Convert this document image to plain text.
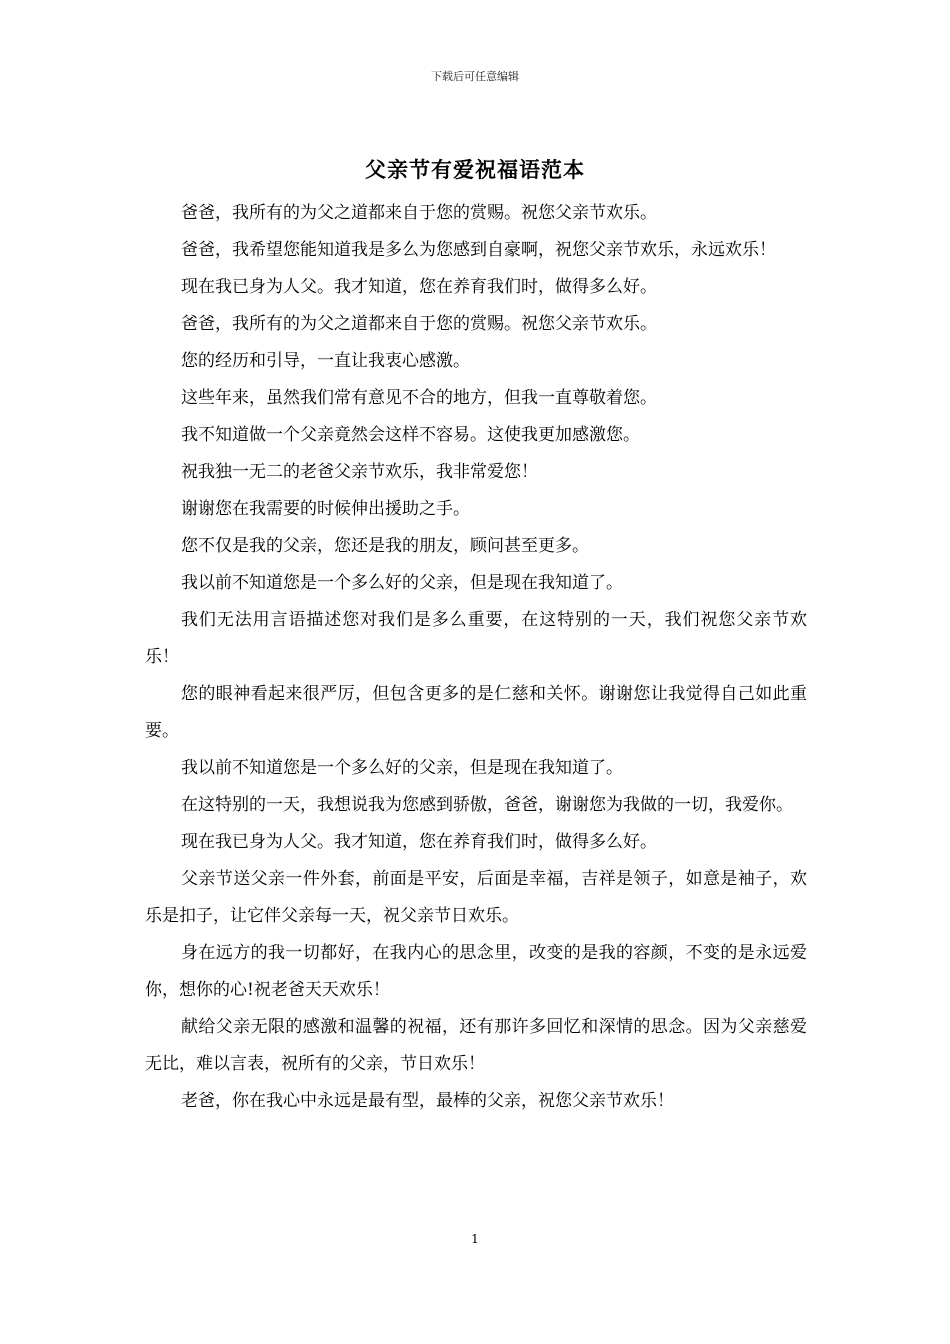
下载后可任意编辑
父亲节有爱祝福语范本

爸爸，我所有的为父之道都来自于您的赏赐。祝您父亲节欢乐。

爸爸，我希望您能知道我是多么为您感到自豪啊，祝您父亲节欢乐，永远欢乐！

现在我已身为人父。我才知道，您在养育我们时，做得多么好。

爸爸，我所有的为父之道都来自于您的赏赐。祝您父亲节欢乐。

您的经历和引导，一直让我衷心感激。

这些年来，虽然我们常有意见不合的地方，但我一直尊敬着您。

我不知道做一个父亲竟然会这样不容易。这使我更加感激您。

祝我独一无二的老爸父亲节欢乐，我非常爱您！

谢谢您在我需要的时候伸出援助之手。

您不仅是我的父亲，您还是我的朋友，顾问甚至更多。

我以前不知道您是一个多么好的父亲，但是现在我知道了。

我们无法用言语描述您对我们是多么重要，在这特别的一天，我们祝您父亲节欢乐！

您的眼神看起来很严厉，但包含更多的是仁慈和关怀。谢谢您让我觉得自己如此重要。

我以前不知道您是一个多么好的父亲，但是现在我知道了。

在这特别的一天，我想说我为您感到骄傲，爸爸，谢谢您为我做的一切，我爱你。

现在我已身为人父。我才知道，您在养育我们时，做得多么好。

父亲节送父亲一件外套，前面是平安，后面是幸福，吉祥是领子，如意是袖子，欢乐是扣子，让它伴父亲每一天，祝父亲节日欢乐。

身在远方的我一切都好，在我内心的思念里，改变的是我的容颜，不变的是永远爱你，想你的心!祝老爸天天欢乐！

献给父亲无限的感激和温馨的祝福，还有那许多回忆和深情的思念。因为父亲慈爱无比，难以言表，祝所有的父亲，节日欢乐！

老爸，你在我心中永远是最有型，最棒的父亲，祝您父亲节欢乐！

1
